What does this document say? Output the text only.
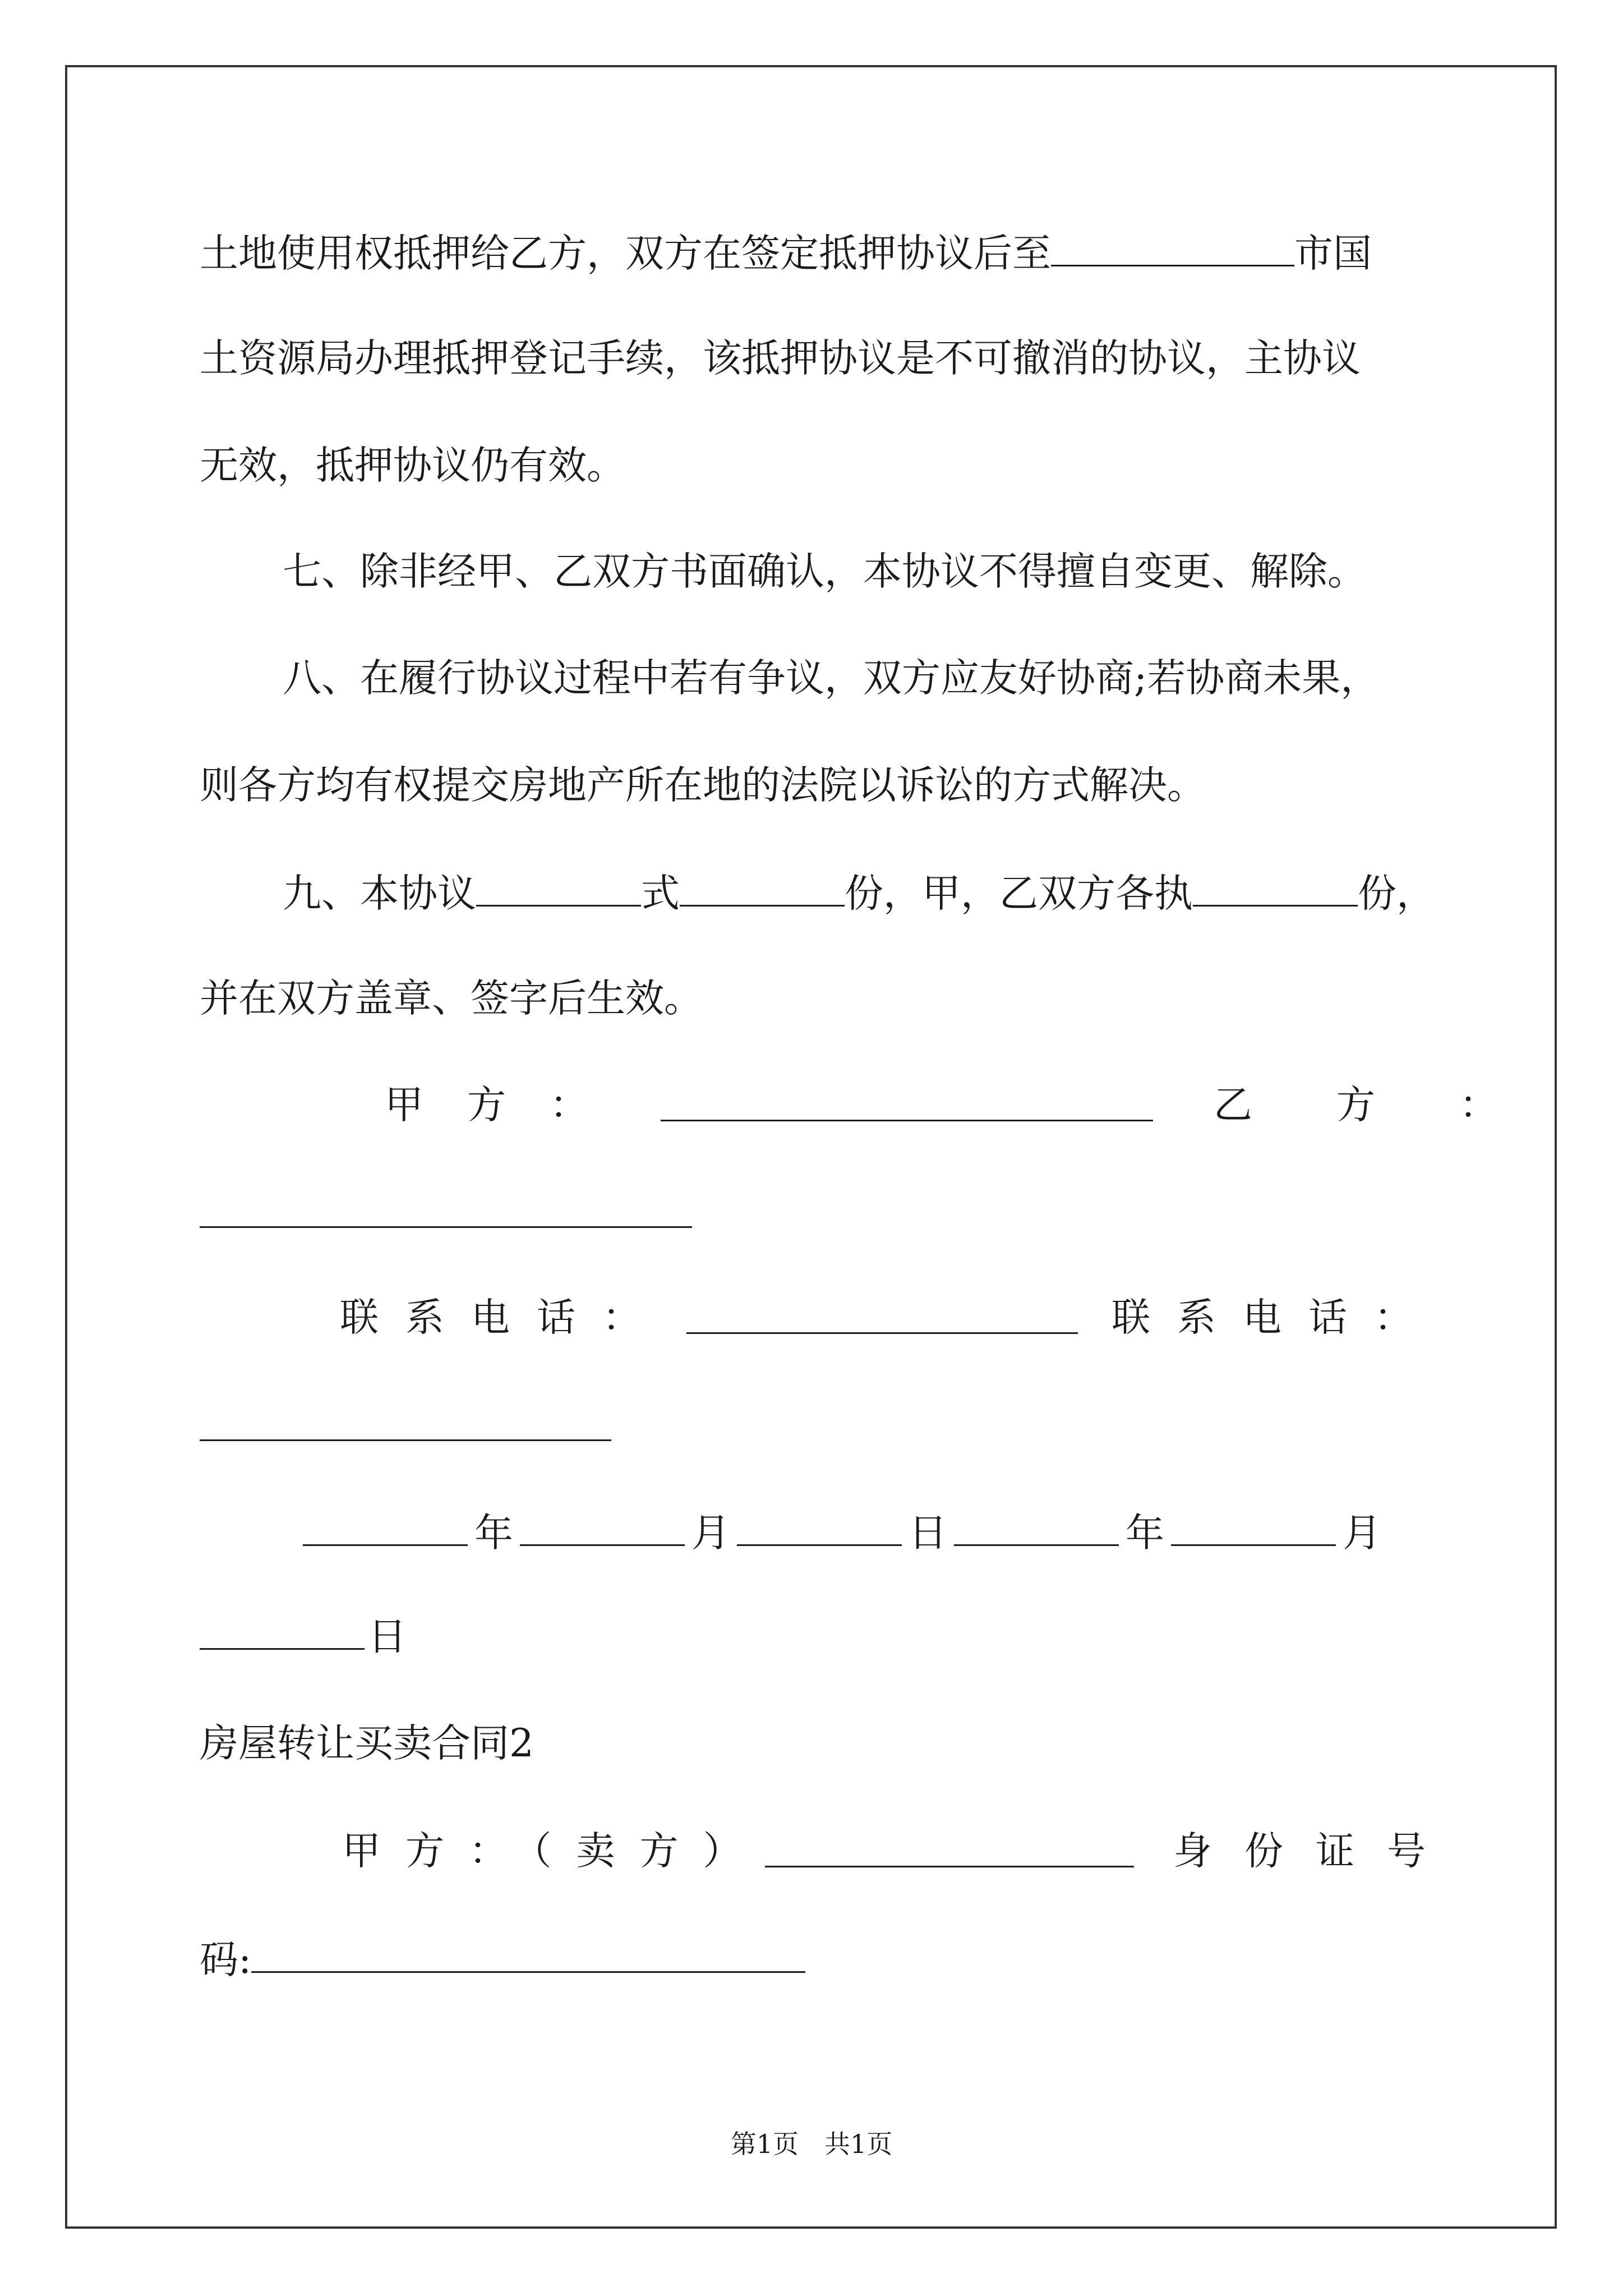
土地使用权抵押给乙方，双方在签定抵押协议后至	市国
土资源局办理抵押登记手续，该抵押协议是不可撤消的协议，主协议
无效，抵押协议仍有效。
七、除非经甲、乙双方书面确认，本协议不得擅自变更、解除。
八、在履行协议过程中若有争议，双方应友好协商;若协商未果，
则各方均有权提交房地产所在地的法院以诉讼的方式解决。
九、本协议	式	份，甲，乙双方各执	份，
并在双方盖章、签字后生效。
甲 方 ：	乙 方 ：
联 系 电 话 ：	联 系 电 话 ：
年	月	日	年	月
日
房屋转让买卖合同2
甲 方 ： （ 卖 方 ）	身 份 证 号
码:
第1页　共1页
